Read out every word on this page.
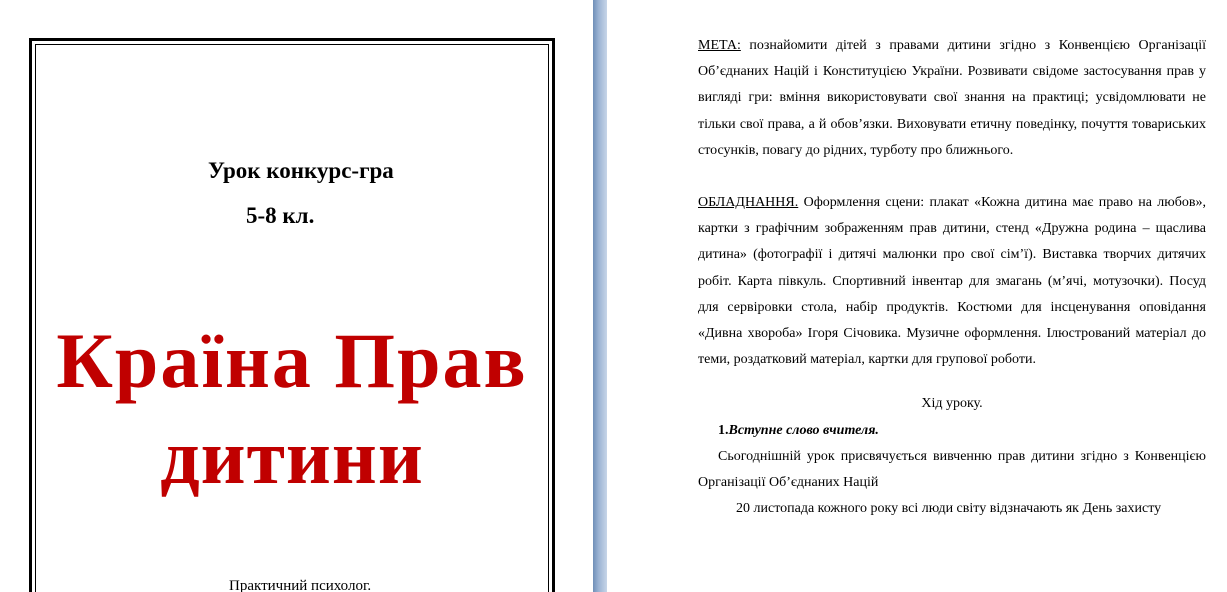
Урок конкурс-гра
5-8 кл.
Країна Прав
дитини
Практичний психолог.

МЕТА: познайомити дітей з правами дитини згідно з Конвенцією Організації Об’єднаних Націй і Конституцією України. Розвивати свідоме застосування прав у вигляді гри: вміння використовувати свої знання на практиці; усвідомлювати не тільки свої права, а й обов’язки. Виховувати етичну поведінку, почуття товариських стосунків, повагу до рідних, турботу про ближнього.

ОБЛАДНАННЯ. Оформлення сцени: плакат «Кожна дитина має право на любов», картки з графічним зображенням прав дитини, стенд «Дружна родина – щаслива дитина» (фотографії і дитячі малюнки про свої сім’ї). Виставка творчих дитячих робіт. Карта півкуль. Спортивний інвентар для змагань (м’ячі, мотузочки). Посуд для сервіровки стола, набір продуктів. Костюми для інсценування оповідання «Дивна хвороба» Ігоря Січовика. Музичне оформлення. Ілюстрований матеріал до теми, роздатковий матеріал, картки для групової роботи.

Хід уроку.

1.Вступне слово вчителя.

Сьогоднішній урок присвячується вивченню прав дитини згідно з Конвенцією Організації Об’єднаних Націй

20 листопада кожного року всі люди світу відзначають як День захисту
